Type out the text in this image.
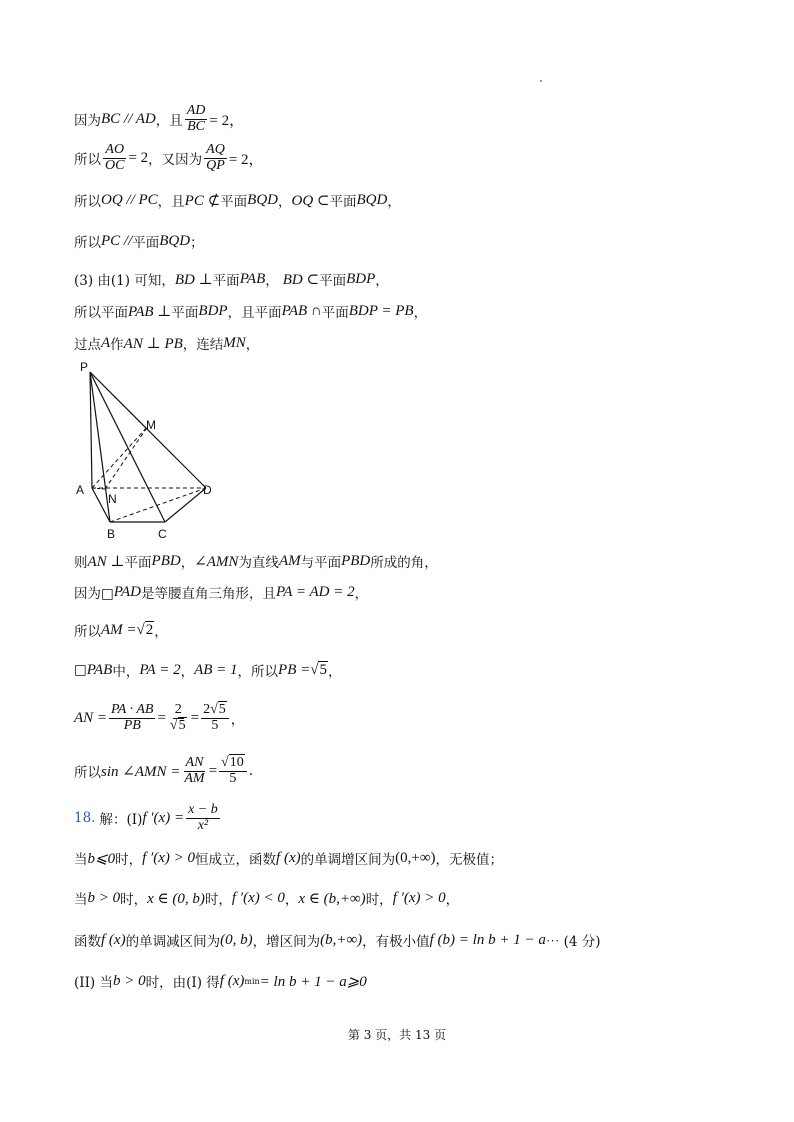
因为 BC // AD ，且 $\frac{AD}{BC} = 2$，
所以 $\frac{AO}{OC} = 2$ ，又因为 $\frac{AQ}{QP} = 2$，
所以 OQ // PC ，且 PC ⊄ 平面 BQD ， OQ ⊂ 平面 BQD ，
所以 PC // 平面 BQD ；
(3) 由(1) 可知， BD ⊥ 平面 PAB ， BD ⊂ 平面 BDP ，
所以平面 PAB ⊥ 平面 BDP ，且平面 PAB ∩ 平面 BDP = PB ，
过点 A 作 AN ⊥ PB ，连结 MN ，
P
M
A
N
D
B	C
则 AN ⊥ 平面 PBD ， ∠AMN 为直线 AM 与平面 PBD 所成的角，
因为□ PAD 是等腰直角三角形，且 PA = AD = 2 ，
所以 AM = √2 ，
□ PAB 中， PA = 2 ， AB = 1 ，所以 PB = √5 ，
AN = $\frac{PA \cdot AB}{PB} = \frac{2}{√5} = \frac{2√5}{5}$ ，
所以 sin ∠AMN = $\frac{AN}{AM} = \frac{√10}{5}$ .
18. 解：(I) f $'(x) = \frac{x - b}{\text{x²}}$
当 b⩽0 时， f ′(x) > 0 恒成立，函数 f (x) 的单调增区间为 (0,+∞) ，无极值；
当 b > 0 时， x ∈ (0, b) 时， f ′(x) < 0 ， x ∈ (b,+∞) 时， f ′(x) > 0 ，
函数 f (x) 的单调减区间为 (0, b) ，增区间为 (b,+∞) ，有极小值 f (b) = ln b + 1 − a ⋯ (4 分)
(II) 当 b > 0 时，由(I) 得 f (x) min = ln b + 1 − a⩾0
第 3 页，共 13 页
